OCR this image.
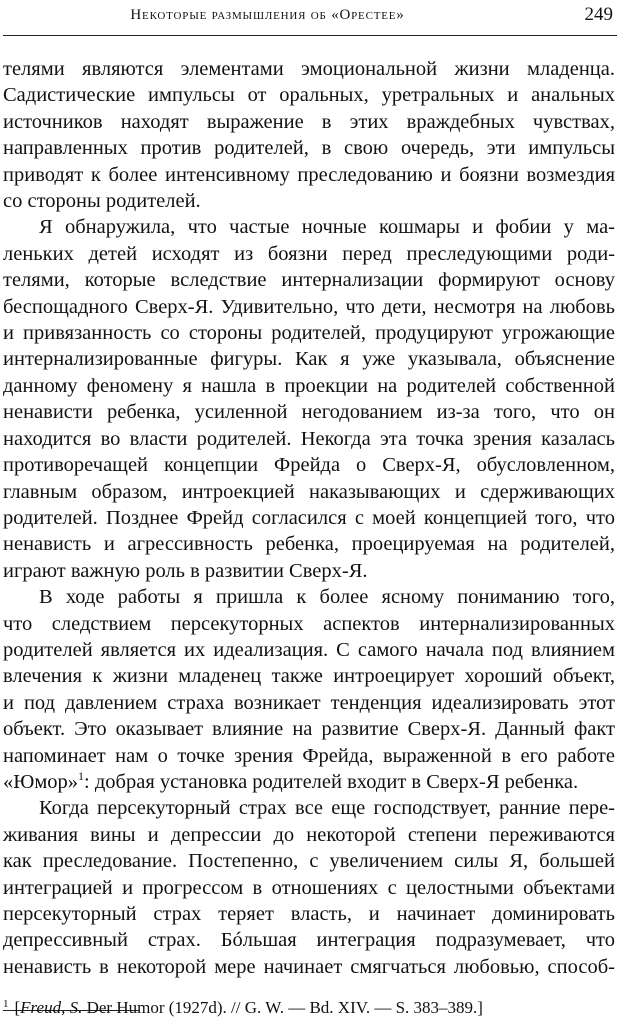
Некоторые размышления об «Орестее»	249

телями являются элементами эмоциональной жизни младенца.
Садистические импульсы от оральных, уретральных и анальных
источников находят выражение в этих враждебных чувствах,
направленных против родителей, в свою очередь, эти импульсы
приводят к более интенсивному преследованию и боязни возмездия
со стороны родителей.

Я обнаружила, что частые ночные кошмары и фобии у ма-
леньких детей исходят из боязни перед преследующими роди-
телями, которые вследствие интернализации формируют основу
беспощадного Сверх-Я. Удивительно, что дети, несмотря на любовь
и привязанность со стороны родителей, продуцируют угрожающие
интернализированные фигуры. Как я уже указывала, объяснение
данному феномену я нашла в проекции на родителей собственной
ненависти ребенка, усиленной негодованием из-за того, что он
находится во власти родителей. Некогда эта точка зрения казалась
противоречащей концепции Фрейда о Сверх-Я, обусловленном,
главным образом, интроекцией наказывающих и сдерживающих
родителей. Позднее Фрейд согласился с моей концепцией того, что
ненависть и агрессивность ребенка, проецируемая на родителей,
играют важную роль в развитии Сверх-Я.

В ходе работы я пришла к более ясному пониманию того,
что следствием персекуторных аспектов интернализированных
родителей является их идеализация. С самого начала под влиянием
влечения к жизни младенец также интроецирует хороший объект,
и под давлением страха возникает тенденция идеализировать этот
объект. Это оказывает влияние на развитие Сверх-Я. Данный факт
напоминает нам о точке зрения Фрейда, выраженной в его работе
«Юмор»$^1$: добрая установка родителей входит в Сверх-Я ребенка.

Когда персекуторный страх все еще господствует, ранние пере-
живания вины и депрессии до некоторой степени переживаются
как преследование. Постепенно, с увеличением силы Я, большей
интеграцией и прогрессом в отношениях с целостными объектами
персекуторный страх теряет власть, и начинает доминировать
депрессивный страх. Бóльшая интеграция подразумевает, что
ненависть в некоторой мере начинает смягчаться любовью, способ-

$^1$ [Freud, S. Der Humor (1927d). // G. W. — Bd. XIV. — S. 383–389.]
